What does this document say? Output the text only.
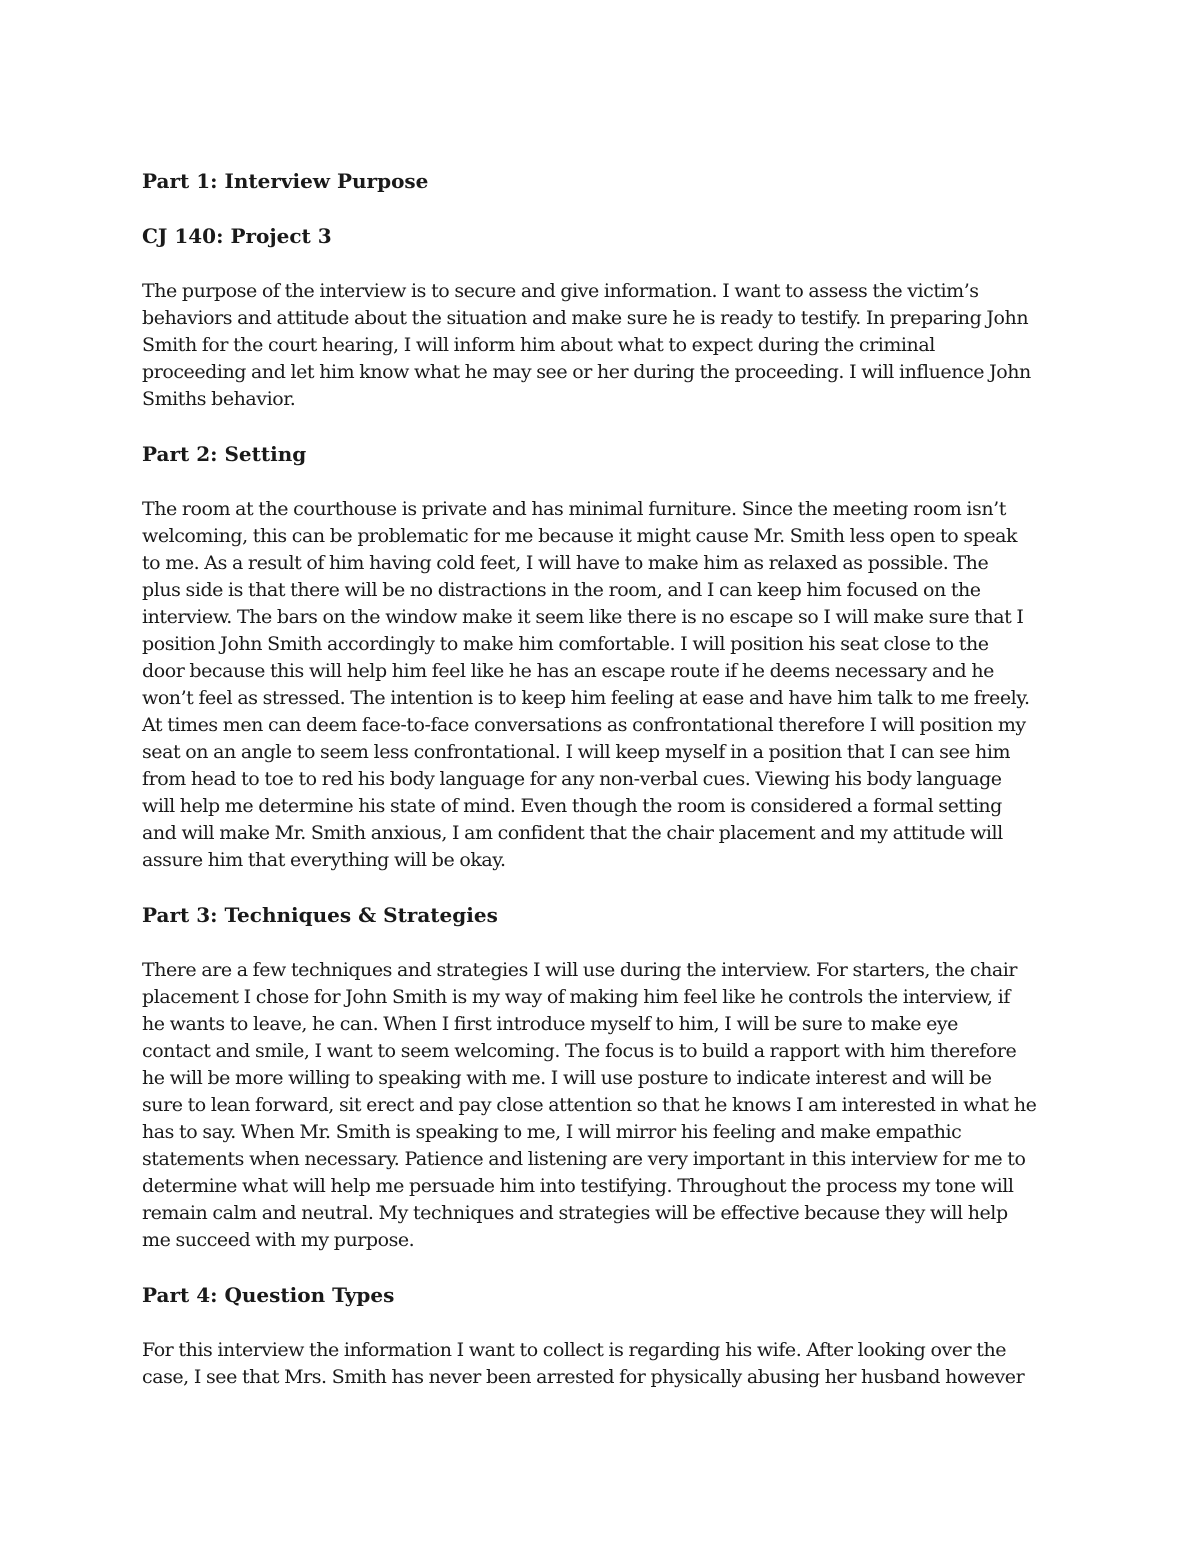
Part 1: Interview Purpose
CJ 140: Project 3
The purpose of the interview is to secure and give information. I want to assess the victim’s
behaviors and attitude about the situation and make sure he is ready to testify. In preparing John
Smith for the court hearing, I will inform him about what to expect during the criminal
proceeding and let him know what he may see or her during the proceeding. I will influence John
Smiths behavior.
Part 2: Setting
The room at the courthouse is private and has minimal furniture. Since the meeting room isn’t
welcoming, this can be problematic for me because it might cause Mr. Smith less open to speak
to me. As a result of him having cold feet, I will have to make him as relaxed as possible. The
plus side is that there will be no distractions in the room, and I can keep him focused on the
interview. The bars on the window make it seem like there is no escape so I will make sure that I
position John Smith accordingly to make him comfortable. I will position his seat close to the
door because this will help him feel like he has an escape route if he deems necessary and he
won’t feel as stressed. The intention is to keep him feeling at ease and have him talk to me freely.
At times men can deem face-to-face conversations as confrontational therefore I will position my
seat on an angle to seem less confrontational. I will keep myself in a position that I can see him
from head to toe to red his body language for any non-verbal cues. Viewing his body language
will help me determine his state of mind. Even though the room is considered a formal setting
and will make Mr. Smith anxious, I am confident that the chair placement and my attitude will
assure him that everything will be okay.
Part 3: Techniques & Strategies
There are a few techniques and strategies I will use during the interview. For starters, the chair
placement I chose for John Smith is my way of making him feel like he controls the interview, if
he wants to leave, he can. When I first introduce myself to him, I will be sure to make eye
contact and smile, I want to seem welcoming. The focus is to build a rapport with him therefore
he will be more willing to speaking with me. I will use posture to indicate interest and will be
sure to lean forward, sit erect and pay close attention so that he knows I am interested in what he
has to say. When Mr. Smith is speaking to me, I will mirror his feeling and make empathic
statements when necessary. Patience and listening are very important in this interview for me to
determine what will help me persuade him into testifying. Throughout the process my tone will
remain calm and neutral. My techniques and strategies will be effective because they will help
me succeed with my purpose.
Part 4: Question Types
For this interview the information I want to collect is regarding his wife. After looking over the
case, I see that Mrs. Smith has never been arrested for physically abusing her husband however
